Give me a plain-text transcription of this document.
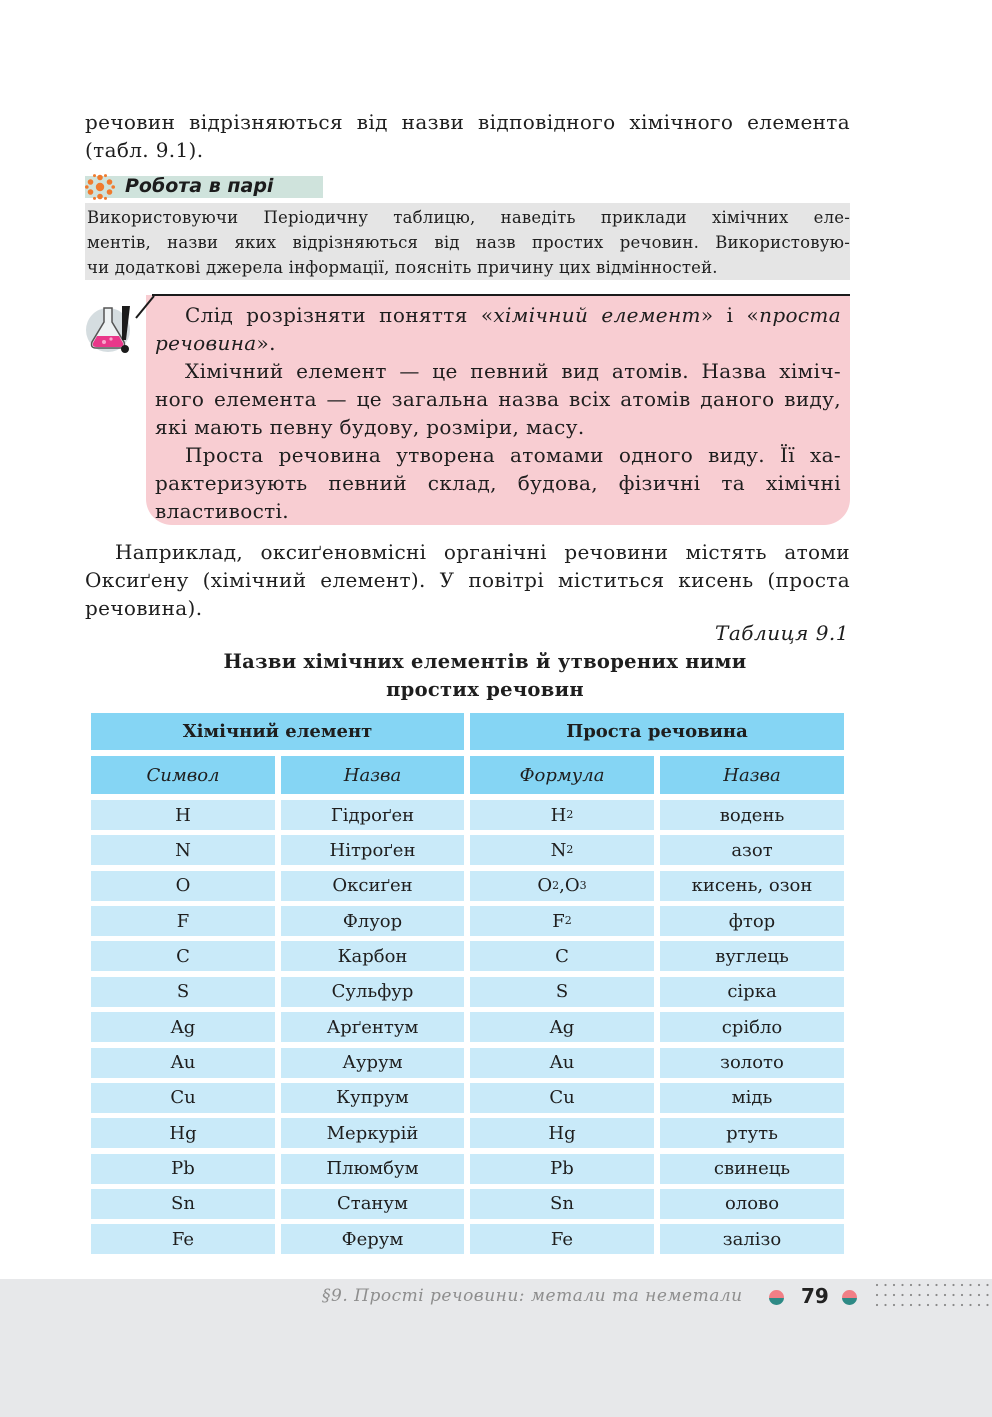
речовин відрізняються від назви відповідного хімічного елемента

(табл. 9.1).

Робота в парі

Використовуючи Періодичну таблицю, наведіть приклади хімічних еле-

ментів, назви яких відрізняються від назв простих речовин. Використовую-

чи додаткові джерела інформації, поясніть причину цих відмінностей.

Слід розрізняти поняття «хімічний елемент» і «проста

речовина».

Хімічний елемент — це певний вид атомів. Назва хіміч-

ного елемента — це загальна назва всіх атомів даного виду,

які мають певну будову, розміри, масу.

Проста речовина утворена атомами одного виду. Її ха-

рактеризують певний склад, будова, фізичні та хімічні

властивості.

Наприклад, оксиґеновмісні органічні речовини містять атоми

Оксиґену (хімічний елемент). У повітрі міститься кисень (проста

речовина).

Таблиця 9.1
Назви хімічних елементів й утворених ними
простих речовин
Хімічний елемент	Проста речовина
Символ	Назва	Формула	Назва
H	Гідроґен	H 2	водень
N	Нітроґен	N 2	азот
O	Оксиґен	O 2 , O 3	кисень, озон
F	Флуор	F 2	фтор
C	Карбон	C	вуглець
S	Сульфур	S	сірка
Ag	Арґентум	Ag	срібло
Au	Аурум	Au	золото
Cu	Купрум	Cu	мідь
Hg	Меркурій	Hg	ртуть
Pb	Плюмбум	Pb	свинець
Sn	Станум	Sn	олово
Fe	Ферум	Fe	залізо
§9. Прості речовини: метали та неметали	79
